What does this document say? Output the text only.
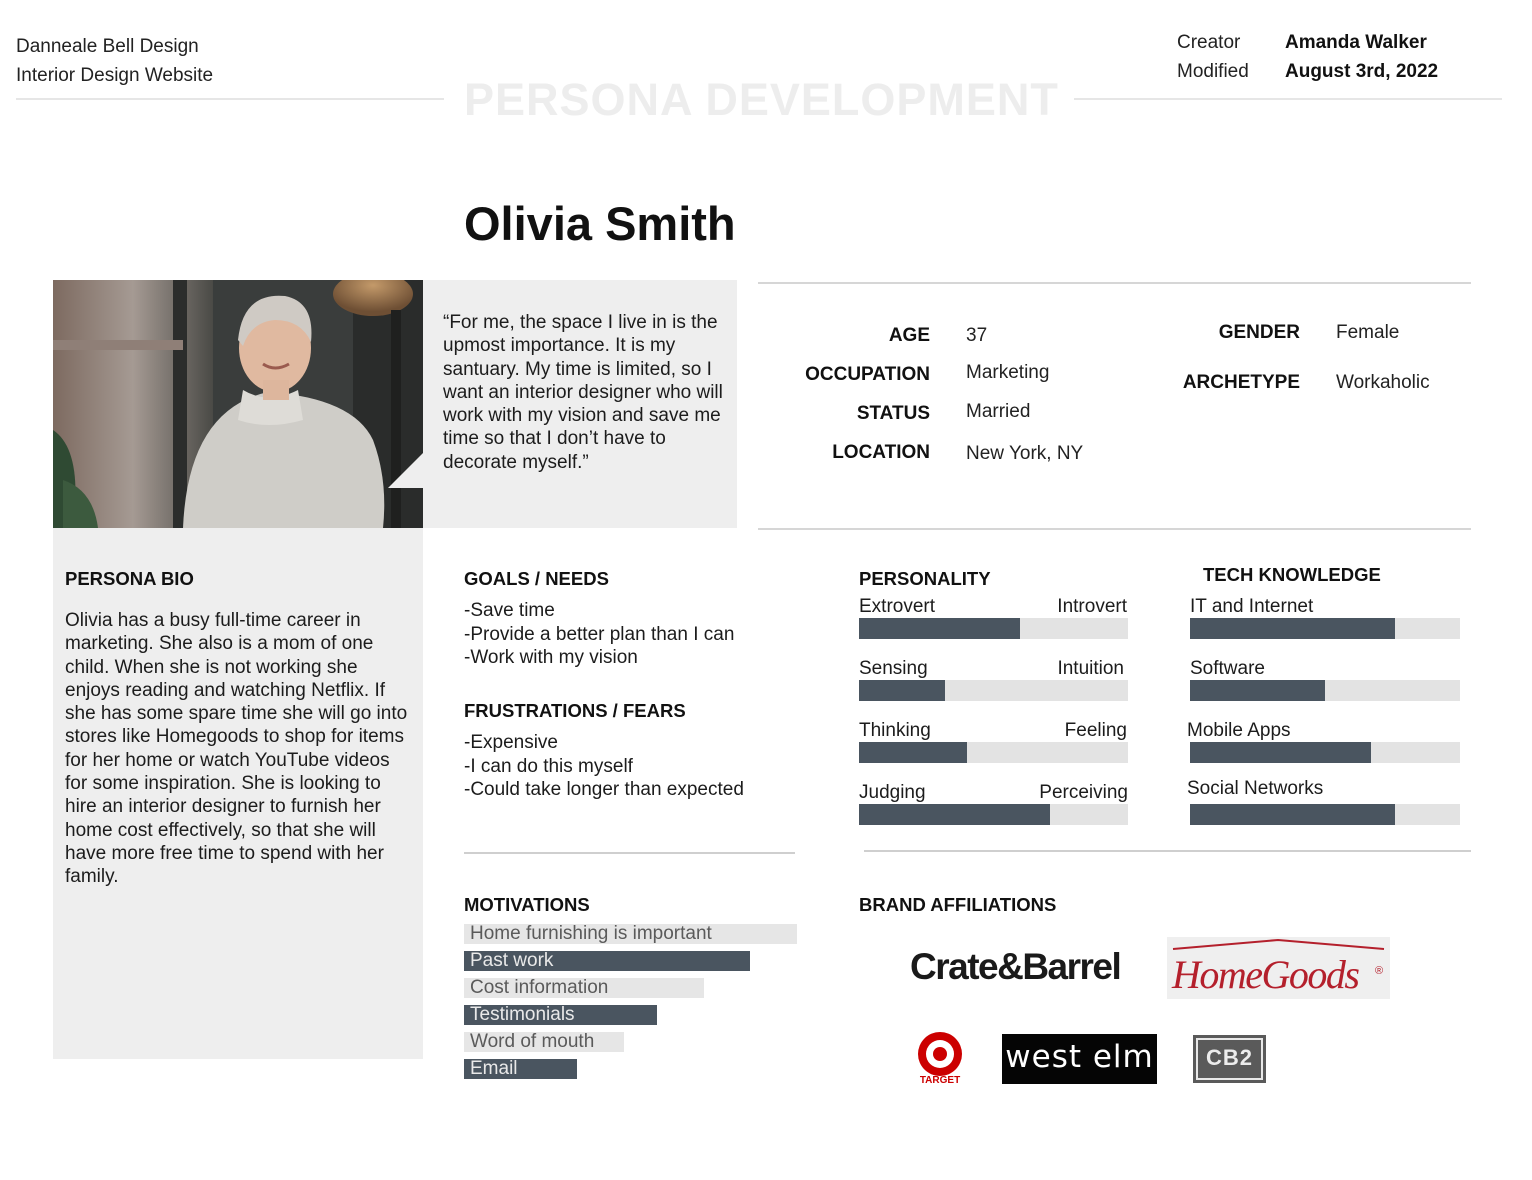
Danneale Bell Design
Interior Design Website
Creator Amanda Walker
Modified August 3rd, 2022
PERSONA DEVELOPMENT
Olivia Smith
“For me, the space I live in is the upmost importance. It is my santuary. My time is limited, so I want an interior designer who will work with my vision and save me time so that I don’t have to decorate myself.”
AGE 37
OCCUPATION Marketing
STATUS Married
LOCATION New York, NY
GENDER Female
ARCHETYPE Workaholic
PERSONA BIO
Olivia has a busy full-time career in marketing. She also is a mom of one child. When she is not working she enjoys reading and watching Netflix. If she has some spare time she will go into stores like Homegoods to shop for items for her home or watch YouTube videos for some inspiration. She is looking to hire an interior designer to furnish her home cost effectively, so that she will have more free time to spend with her family.
GOALS / NEEDS
-Save time
-Provide a better plan than I can
-Work with my vision
FRUSTRATIONS / FEARS
-Expensive
-I can do this myself
-Could take longer than expected
PERSONALITY
Extrovert	Introvert
Sensing	Intuition
Thinking	Feeling
Judging	Perceiving
TECH KNOWLEDGE
IT and Internet
Software
Mobile Apps
Social Networks
MOTIVATIONS
Home furnishing is important
Past work
Cost information
Testimonials
Word of mouth
Email
BRAND AFFILIATIONS
Crate&Barrel HomeGoods ®
TARGET
west elm	CB2
